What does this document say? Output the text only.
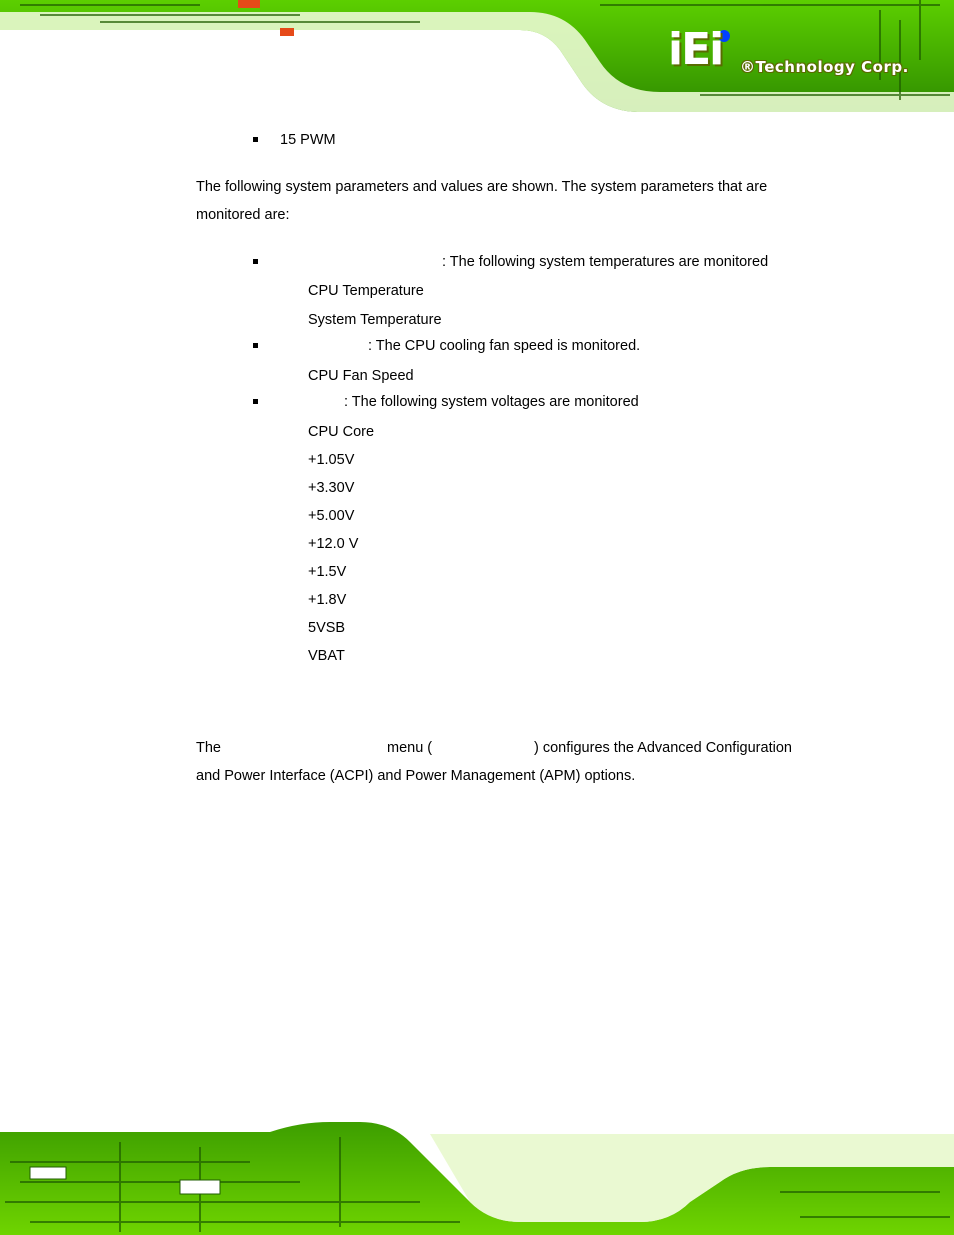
iEi ®Technology Corp.
15 PWM
The following system parameters and values are shown. The system parameters that are
monitored are:
: The following system temperatures are monitored
CPU Temperature
System Temperature
: The CPU cooling fan speed is monitored.
CPU Fan Speed
: The following system voltages are monitored
CPU Core
+1.05V
+3.30V
+5.00V
+12.0 V
+1.5V
+1.8V
5VSB
VBAT
The	menu (	) configures the Advanced Configuration
and Power Interface (ACPI) and Power Management (APM) options.
